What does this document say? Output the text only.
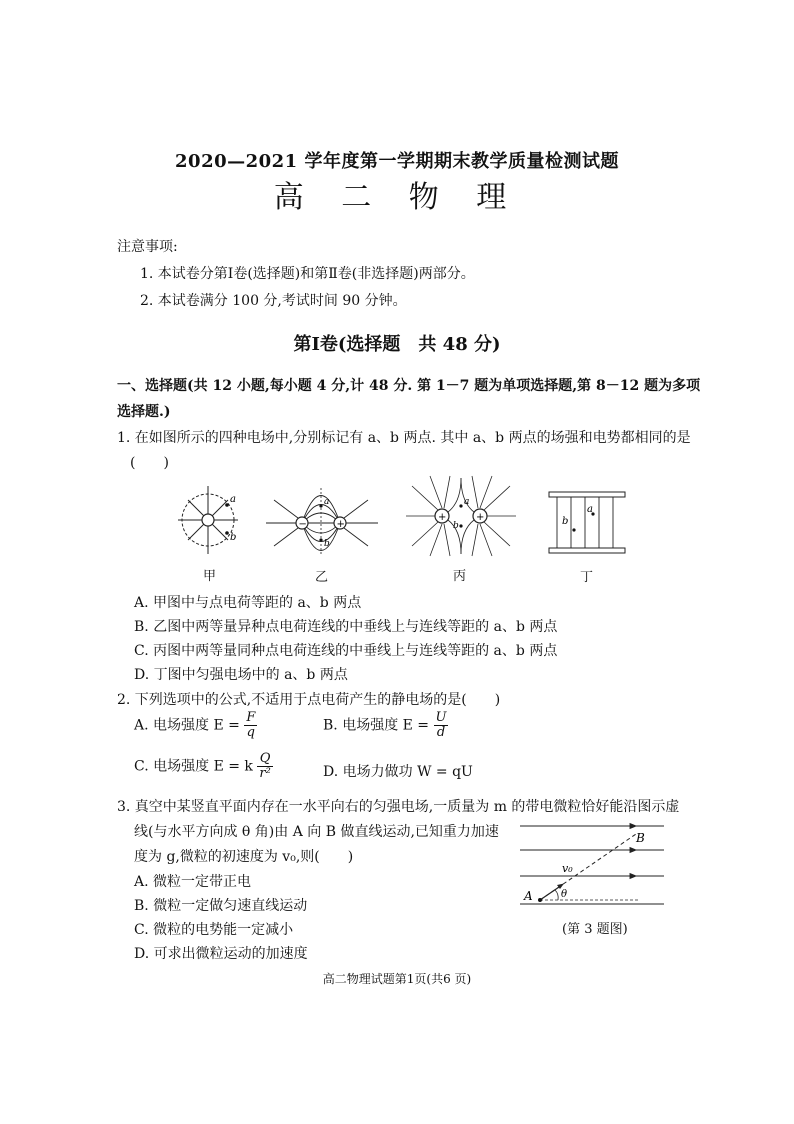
2020—2021 学年度第一学期期末教学质量检测试题
高 二 物 理
注意事项:
1. 本试卷分第Ⅰ卷(选择题)和第Ⅱ卷(非选择题)两部分。
2. 本试卷满分 100 分,考试时间 90 分钟。
第Ⅰ卷(选择题　共 48 分)
一、选择题(共 12 小题,每小题 4 分,计 48 分. 第 1－7 题为单项选择题,第 8－12 题为多项
选择题.)
1. 在如图所示的四种电场中,分别标记有 a、b 两点. 其中 a、b 两点的场强和电势都相同的是
(　　)
a
b
−	+
a
b
+	+
a
b
a
b
甲	乙	丙	丁
A. 甲图中与点电荷等距的 a、b 两点
B. 乙图中两等量异种点电荷连线的中垂线上与连线等距的 a、b 两点
C. 丙图中两等量同种点电荷连线的中垂线上与连线等距的 a、b 两点
D. 丁图中匀强电场中的 a、b 两点
2. 下列选项中的公式,不适用于点电荷产生的静电场的是(　　)
A. 电场强度 $E = \frac{F}{q}$	B. 电场强度 $E = \frac{U}{d}$
C. 电场强度 E = k $\frac{Q}{\text{r²}}$	D. 电场力做功 W = qU
3. 真空中某竖直平面内存在一水平向右的匀强电场,一质量为 m 的带电微粒恰好能沿图示虚
线(与水平方向成 θ 角)由 A 向 B 做直线运动,已知重力加速
度为 g,微粒的初速度为 v₀,则(　　)
A. 微粒一定带正电
B. 微粒一定做匀速直线运动
C. 微粒的电势能一定减小
D. 可求出微粒运动的加速度
A
B
v₀
θ
(第 3 题图)
高二物理试题第1页(共6 页)
